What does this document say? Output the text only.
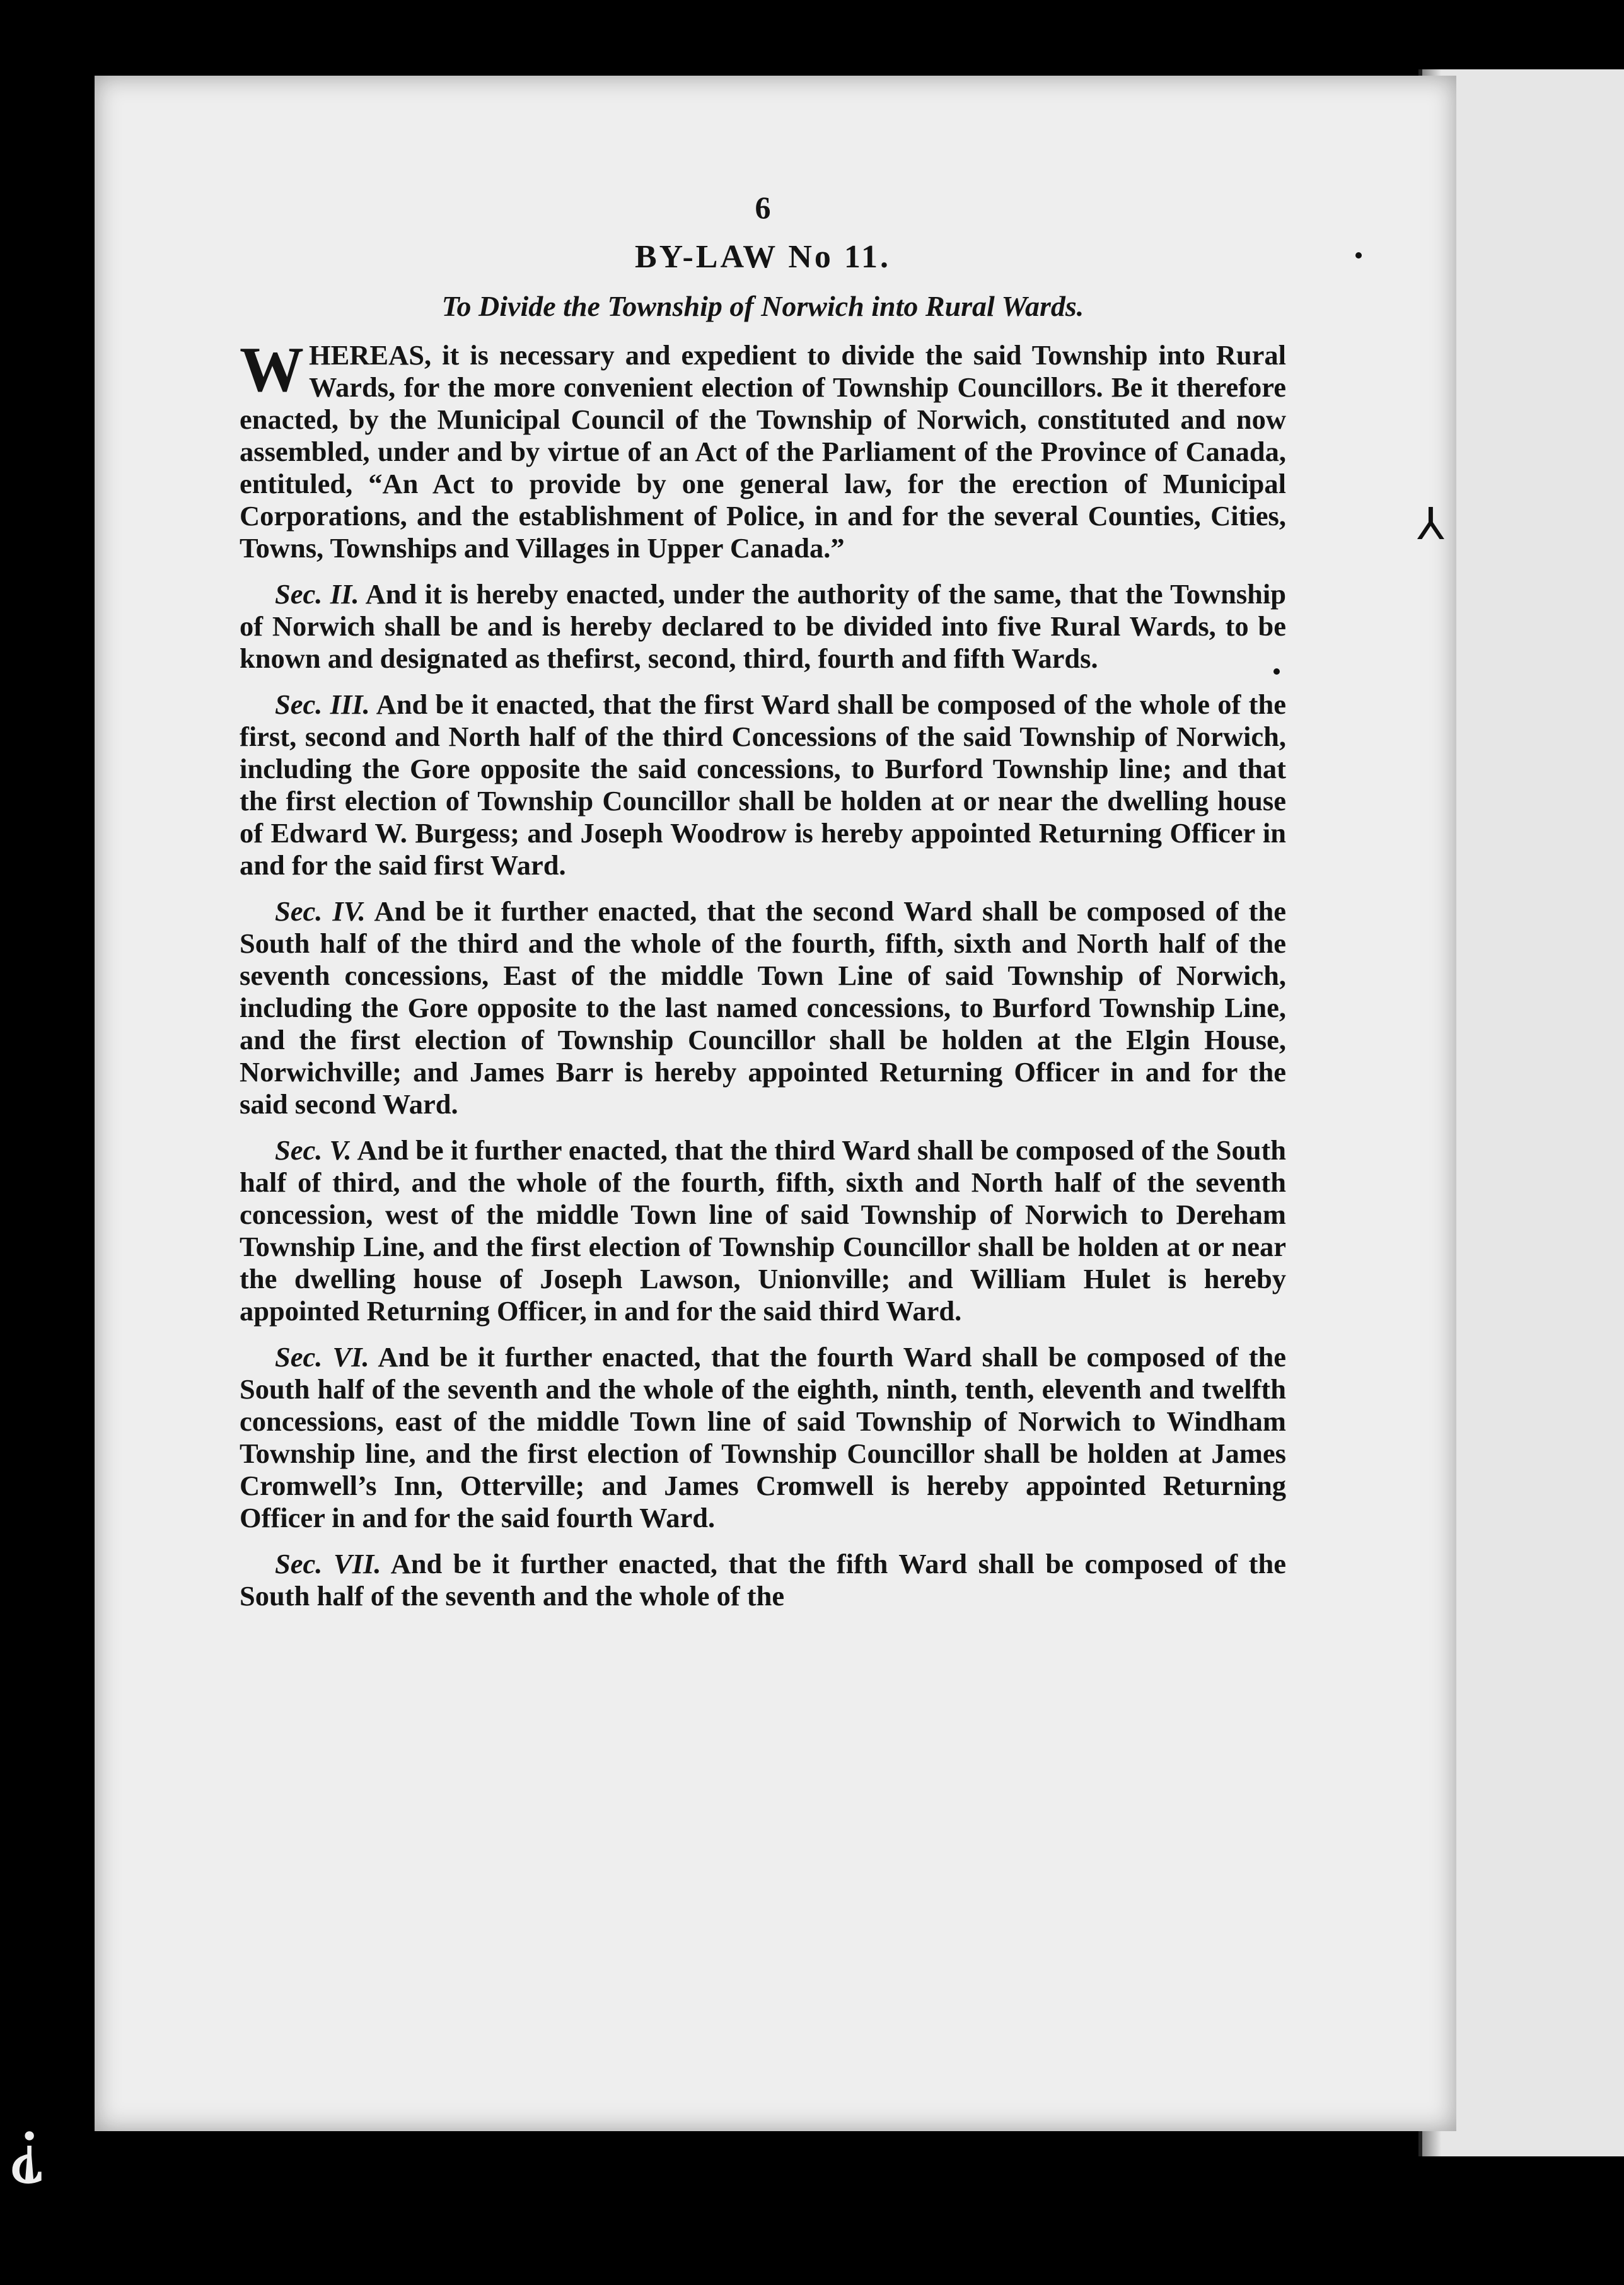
6
BY-LAW No 11.
To Divide the Township of Norwich into Rural Wards.

WHEREAS, it is necessary and expedient to divide the said Township into Rural Wards, for the more convenient election of Township Councillors. Be it therefore enacted, by the Municipal Council of the Township of Norwich, constituted and now assembled, under and by virtue of an Act of the Parliament of the Province of Canada, entituled, “An Act to provide by one general law, for the erection of Municipal Corporations, and the establishment of Police, in and for the several Counties, Cities, Towns, Townships and Villages in Upper Canada.”

Sec. II. And it is hereby enacted, under the authority of the same, that the Township of Norwich shall be and is hereby declared to be divided into five Rural Wards, to be known and designated as thefirst, second, third, fourth and fifth Wards.

Sec. III. And be it enacted, that the first Ward shall be composed of the whole of the first, second and North half of the third Concessions of the said Township of Norwich, including the Gore opposite the said concessions, to Burford Township line; and that the first election of Township Councillor shall be holden at or near the dwelling house of Edward W. Burgess; and Joseph Woodrow is hereby appointed Returning Officer in and for the said first Ward.

Sec. IV. And be it further enacted, that the second Ward shall be composed of the South half of the third and the whole of the fourth, fifth, sixth and North half of the seventh concessions, East of the middle Town Line of said Township of Norwich, including the Gore opposite to the last named concessions, to Burford Township Line, and the first election of Township Councillor shall be holden at the Elgin House, Norwichville; and James Barr is hereby appointed Returning Officer in and for the said second Ward.

Sec. V. And be it further enacted, that the third Ward shall be composed of the South half of third, and the whole of the fourth, fifth, sixth and North half of the seventh concession, west of the middle Town line of said Township of Norwich to Dereham Township Line, and the first election of Township Councillor shall be holden at or near the dwelling house of Joseph Lawson, Unionville; and William Hulet is hereby appointed Returning Officer, in and for the said third Ward.

Sec. VI. And be it further enacted, that the fourth Ward shall be composed of the South half of the seventh and the whole of the eighth, ninth, tenth, eleventh and twelfth concessions, east of the middle Town line of said Township of Norwich to Windham Township line, and the first election of Township Councillor shall be holden at James Cromwell’s Inn, Otterville; and James Cromwell is hereby appointed Returning Officer in and for the said fourth Ward.

Sec. VII. And be it further enacted, that the fifth Ward shall be composed of the South half of the seventh and the whole of the

⅄
⸘
